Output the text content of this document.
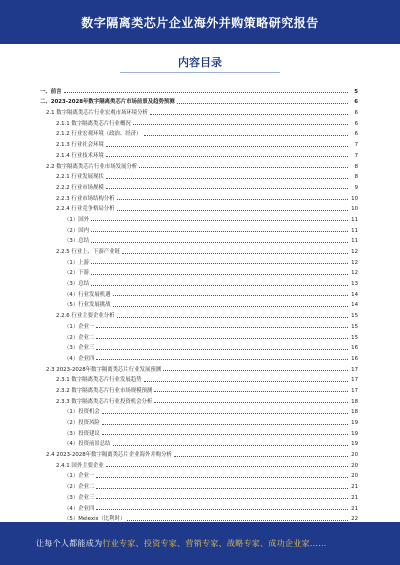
数字隔离类芯片企业海外并购策略研究报告
内容目录
一、前言	5
二、2023-2028年数字隔离类芯片市场前景及趋势预测	6
2.1 数字隔离类芯片行业宏观市场环境分析	6
2.1.1 数字隔离类芯片行业概况	6
2.1.2 行业宏观环境（政治、经济）	6
2.1.3 行业社会环境	7
2.1.4 行业技术环境	7
2.2 数字隔离类芯片行业市场发展分析	8
2.2.1 行业发展现状	8
2.2.2 行业市场规模	9
2.2.3 行业市场结构分析	10
2.2.4 行业竞争格局分析	10
（1）国外	11
（2）国内	11
（3）总结	11
2.2.5 行业上、下游产业链	12
（1）上游	12
（2）下游	12
（3）总结	13
（4）行业发展机遇	14
（5）行业发展挑战	14
2.2.6 行业主要企业分析	15
（1）企业一	15
（2）企业二	15
（3）企业三	16
（4）企业四	16
2.3 2023-2028年数字隔离类芯片行业发展预测	17
2.3.1 数字隔离类芯片行业发展趋势	17
2.3.2 数字隔离类芯片行业市场规模预测	17
2.3.3 数字隔离类芯片行业投资机会分析	18
（1）投资机会	18
（2）投资风险	19
（3）投资建议	19
（4）投资前景总结	19
2.4 2023-2028年数字隔离类芯片企业海外并购分析	20
2.4.1 国外主要企业	20
（1）企业一	20
（2）企业二	21
（3）企业三	21
（4）企业四	21
（5）Melexis（比利时）	22
让每个人都能成为行业专家、投资专家、营销专家、战略专家、成功企业家……
